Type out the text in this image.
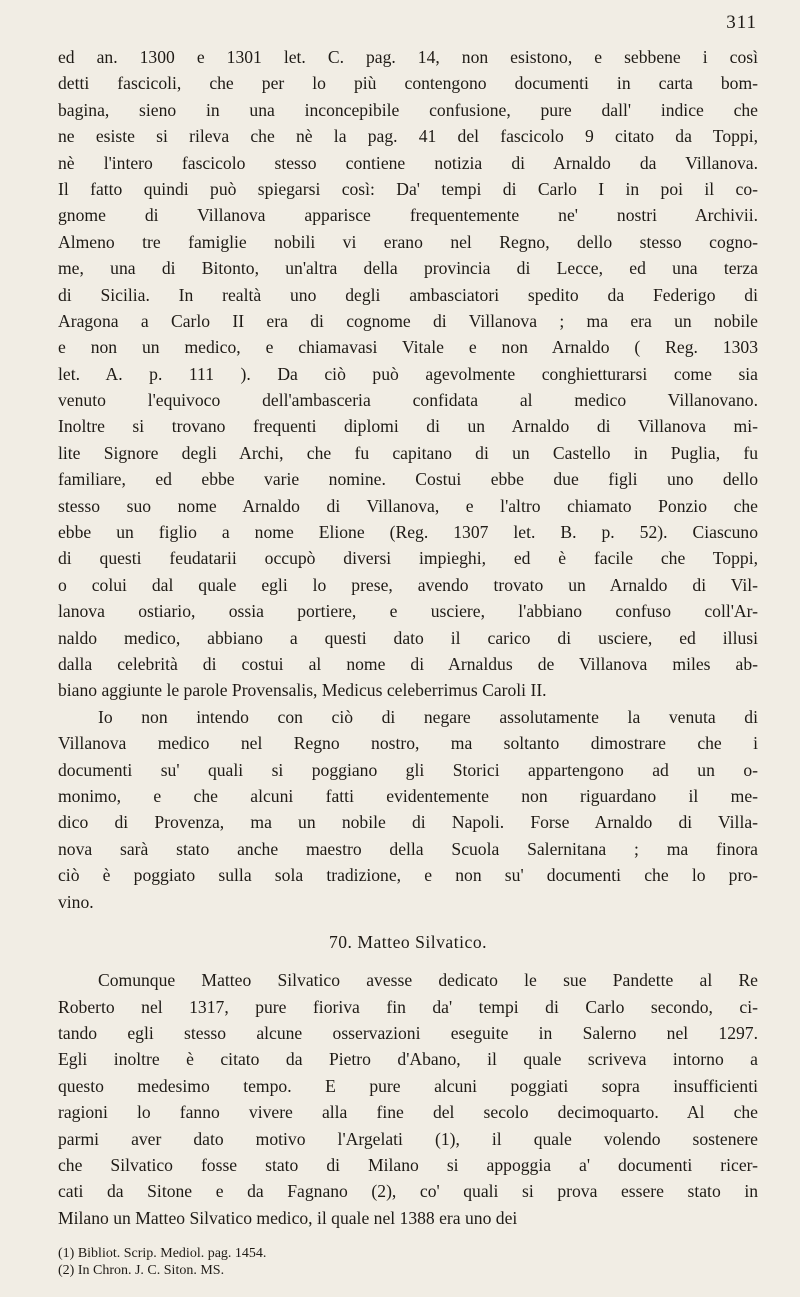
311
ed an. 1300 e 1301 let. C. pag. 14, non esistono, e sebbene i così
detti fascicoli, che per lo più contengono documenti in carta bom-
bagina, sieno in una inconcepibile confusione, pure dall' indice che
ne esiste si rileva che nè la pag. 41 del fascicolo 9 citato da Toppi,
nè l'intero fascicolo stesso contiene notizia di Arnaldo da Villanova.
Il fatto quindi può spiegarsi così: Da' tempi di Carlo I in poi il co-
gnome di Villanova apparisce frequentemente ne' nostri Archivii.
Almeno tre famiglie nobili vi erano nel Regno, dello stesso cogno-
me, una di Bitonto, un'altra della provincia di Lecce, ed una terza
di Sicilia. In realtà uno degli ambasciatori spedito da Federigo di
Aragona a Carlo II era di cognome di Villanova ; ma era un nobile
e non un medico, e chiamavasi Vitale e non Arnaldo ( Reg. 1303
let. A. p. 111 ). Da ciò può agevolmente conghietturarsi come sia
venuto l'equivoco dell'ambasceria confidata al medico Villanovano.
Inoltre si trovano frequenti diplomi di un Arnaldo di Villanova mi-
lite Signore degli Archi, che fu capitano di un Castello in Puglia, fu
familiare, ed ebbe varie nomine. Costui ebbe due figli uno dello
stesso suo nome Arnaldo di Villanova, e l'altro chiamato Ponzio che
ebbe un figlio a nome Elione (Reg. 1307 let. B. p. 52). Ciascuno
di questi feudatarii occupò diversi impieghi, ed è facile che Toppi,
o colui dal quale egli lo prese, avendo trovato un Arnaldo di Vil-
lanova ostiario, ossia portiere, e usciere, l'abbiano confuso coll'Ar-
naldo medico, abbiano a questi dato il carico di usciere, ed illusi
dalla celebrità di costui al nome di Arnaldus de Villanova miles ab-
biano aggiunte le parole Provensalis, Medicus celeberrimus Caroli II.
Io non intendo con ciò di negare assolutamente la venuta di
Villanova medico nel Regno nostro, ma soltanto dimostrare che i
documenti su' quali si poggiano gli Storici appartengono ad un o-
monimo, e che alcuni fatti evidentemente non riguardano il me-
dico di Provenza, ma un nobile di Napoli. Forse Arnaldo di Villa-
nova sarà stato anche maestro della Scuola Salernitana ; ma finora
ciò è poggiato sulla sola tradizione, e non su' documenti che lo pro-
vino.
70. Matteo Silvatico.
Comunque Matteo Silvatico avesse dedicato le sue Pandette al Re
Roberto nel 1317, pure fioriva fin da' tempi di Carlo secondo, ci-
tando egli stesso alcune osservazioni eseguite in Salerno nel 1297.
Egli inoltre è citato da Pietro d'Abano, il quale scriveva intorno a
questo medesimo tempo. E pure alcuni poggiati sopra insufficienti
ragioni lo fanno vivere alla fine del secolo decimoquarto. Al che
parmi aver dato motivo l'Argelati (1), il quale volendo sostenere
che Silvatico fosse stato di Milano si appoggia a' documenti ricer-
cati da Sitone e da Fagnano (2), co' quali si prova essere stato in
Milano un Matteo Silvatico medico, il quale nel 1388 era uno dei
(1) Bibliot. Scrip. Mediol. pag. 1454.
(2) In Chron. J. C. Siton. MS.
